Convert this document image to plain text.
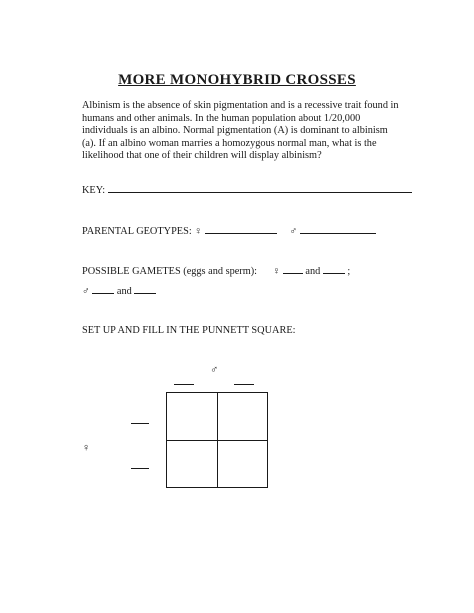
MORE MONOHYBRID CROSSES
Albinism is the absence of skin pigmentation and is a recessive trait found in humans and other animals. In the human population about 1/20,000 individuals is an albino. Normal pigmentation (A) is dominant to albinism (a). If an albino woman marries a homozygous normal man, what is the likelihood that one of their children will display albinism?
KEY:
PARENTAL GEOTYPES: ♀	♂
POSSIBLE GAMETES (eggs and sperm): ♀ and	;
♂	and
SET UP AND FILL IN THE PUNNETT SQUARE:
♂
♀
